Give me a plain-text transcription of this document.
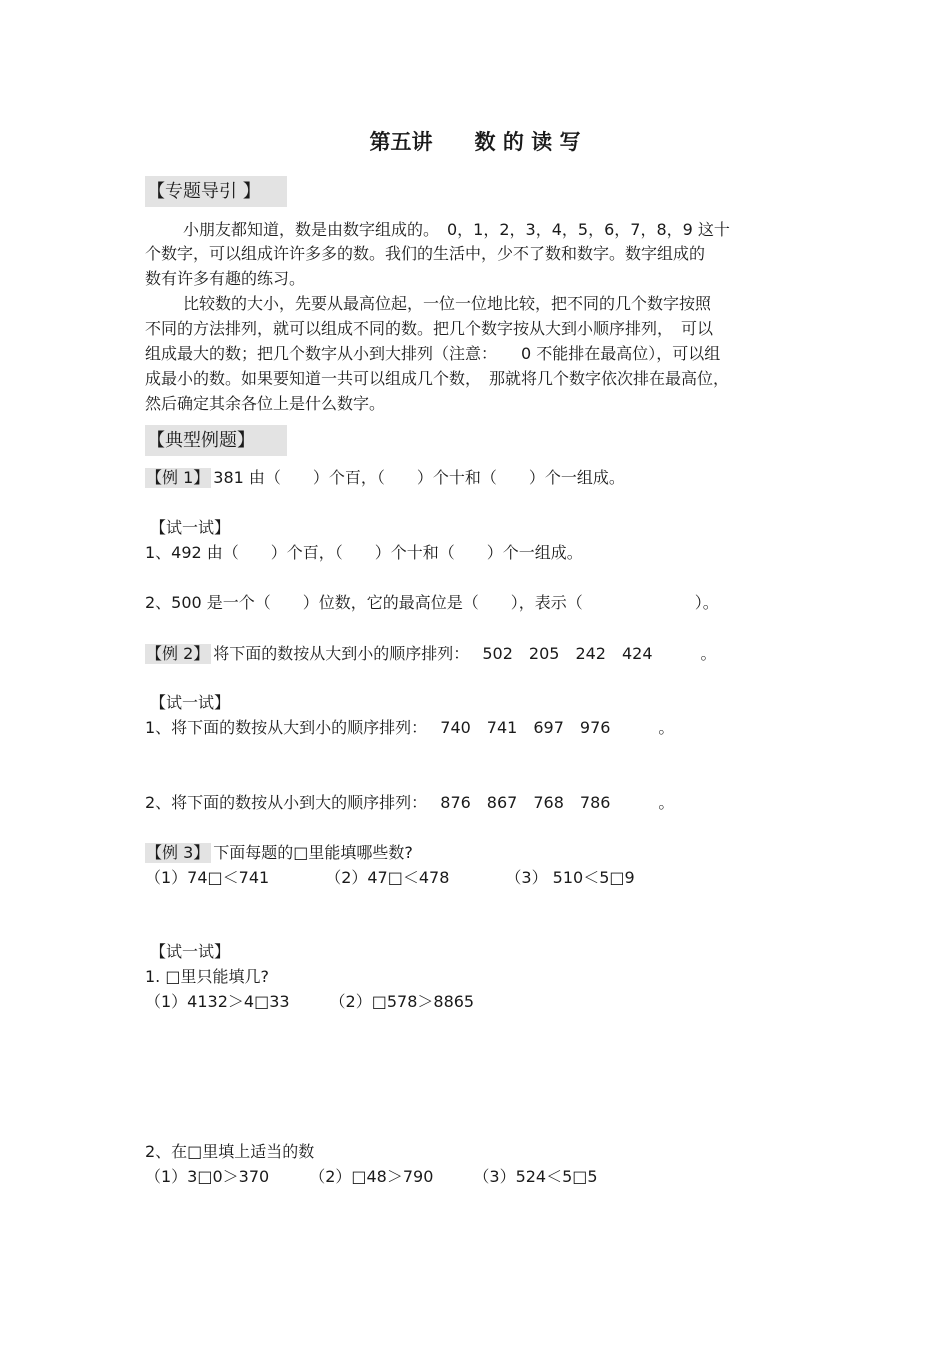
第五讲　　数 的 读 写
【专题导引 】

小朋友都知道，数是由数字组成的。　0，1，2，3，4，5，6，7，8，9 这十

个数字，可以组成许许多多的数。我们的生活中，少不了数和数字。数字组成的

数有许多有趣的练习。

比较数的大小，先要从最高位起，一位一位地比较，把不同的几个数字按照

不同的方法排列，就可以组成不同的数。把几个数字按从大到小顺序排列，　可以

组成最大的数；把几个数字从小到大排列（注意：　　0 不能排在最高位），可以组

成最小的数。如果要知道一共可以组成几个数，　那就将几个数字依次排在最高位，

然后确定其余各位上是什么数字。

【典型例题】

【例 1】 381 由（　　）个百，（　　）个十和（　　）个一组成。

【试一试】

1、492 由（　　）个百，（　　）个十和（　　）个一组成。

2、500 是一个（　　）位数，它的最高位是（　　），表示（　　　　　　　）。

【例 2】 将下面的数按从大到小的顺序排列：　 502　205　242　424　　　。

【试一试】

1、将下面的数按从大到小的顺序排列：　 740　741　697　976　　　。

2、将下面的数按从小到大的顺序排列：　 876　867　768　786　　　。

【例 3】 下面每题的□里能填哪些数?

（1）74□＜741　　　　（2）47□＜478　　　　（3） 510＜5□9

【试一试】

1. □里只能填几?

（1）4132＞4□33　　　（2）□578＞8865

2、在□里填上适当的数

（1）3□0＞370　　　（2）□48＞790　　　（3）524＜5□5
